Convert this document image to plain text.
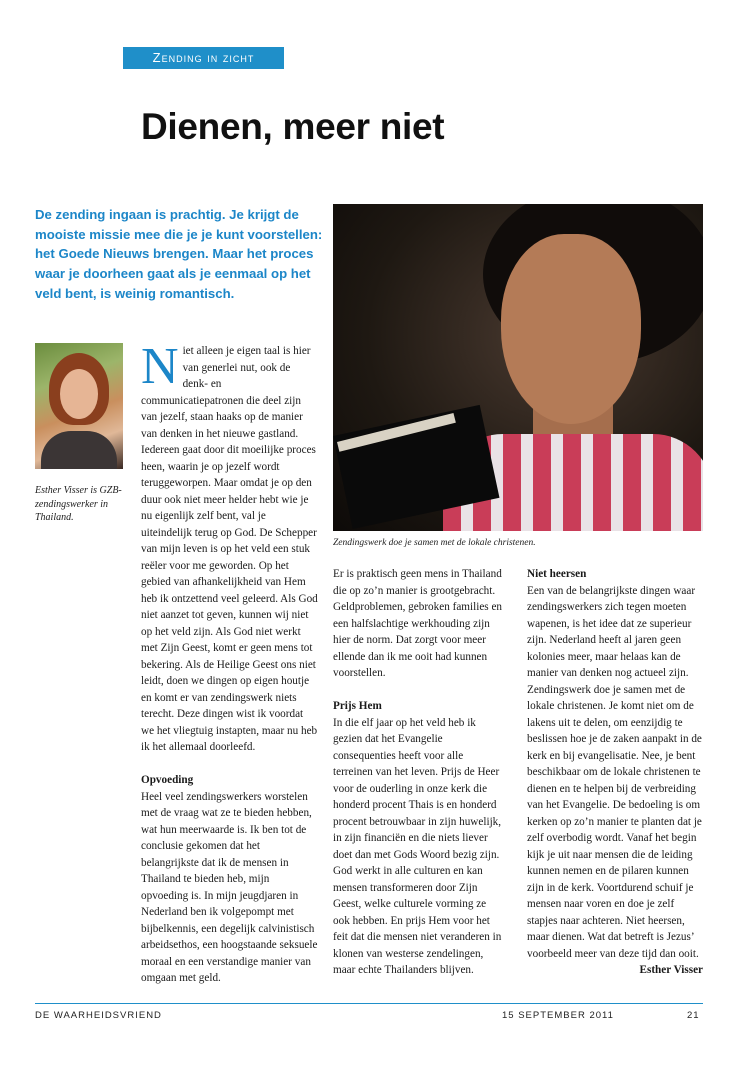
Zending in zicht
Dienen, meer niet
De zending ingaan is prachtig. Je krijgt de mooiste missie mee die je je kunt voorstellen: het Goede Nieuws brengen. Maar het proces waar je doorheen gaat als je eenmaal op het veld bent, is weinig romantisch.
Esther Visser is GZB-zendingswerker in Thailand.
Zendingswerk doe je samen met de lokale christenen.

Niet alleen je eigen taal is hier van generlei nut, ook de denk- en communicatiepatronen die deel zijn van jezelf, staan haaks op de manier van denken in het nieuwe gastland. Iedereen gaat door dit moeilijke proces heen, waarin je op jezelf wordt teruggeworpen. Maar omdat je op den duur ook niet meer helder hebt wie je nu eigenlijk zelf bent, val je uiteindelijk terug op God. De Schepper van mijn leven is op het veld een stuk reëler voor me geworden. Op het gebied van afhankelijkheid van Hem heb ik ontzettend veel geleerd. Als God niet aanzet tot geven, kunnen wij niet op het veld zijn. Als God niet werkt met Zijn Geest, komt er geen mens tot bekering. Als de Heilige Geest ons niet leidt, doen we dingen op eigen houtje en komt er van zendingswerk niets terecht. Deze dingen wist ik voordat we het vliegtuig instapten, maar nu heb ik het allemaal doorleefd.

Opvoeding

Heel veel zendingswerkers worstelen met de vraag wat ze te bieden hebben, wat hun meerwaarde is. Ik ben tot de conclusie gekomen dat het belangrijkste dat ik de mensen in Thailand te bieden heb, mijn opvoeding is. In mijn jeugdjaren in Nederland ben ik volgepompt met bijbelkennis, een degelijk calvinistisch arbeidsethos, een hoogstaande seksuele moraal en een verstandige manier van omgaan met geld.

Er is praktisch geen mens in Thailand die op zo’n manier is grootgebracht. Geldproblemen, gebroken families en een halfslachtige werkhouding zijn hier de norm. Dat zorgt voor meer ellende dan ik me ooit had kunnen voorstellen.

Prijs Hem

In die elf jaar op het veld heb ik gezien dat het Evangelie consequenties heeft voor alle terreinen van het leven. Prijs de Heer voor de ouderling in onze kerk die honderd procent Thais is en honderd procent betrouwbaar in zijn huwelijk, in zijn financiën en die niets liever doet dan met Gods Woord bezig zijn. God werkt in alle culturen en kan mensen transformeren door Zijn Geest, welke culturele vorming ze ook hebben. En prijs Hem voor het feit dat die mensen niet veranderen in klonen van westerse zendelingen, maar echte Thailanders blijven.

Niet heersen

Een van de belangrijkste dingen waar zendingswerkers zich tegen moeten wapenen, is het idee dat ze superieur zijn. Nederland heeft al jaren geen kolonies meer, maar helaas kan de manier van denken nog actueel zijn.

Zendingswerk doe je samen met de lokale christenen. Je komt niet om de lakens uit te delen, om eenzijdig te beslissen hoe je de zaken aanpakt in de kerk en bij evangelisatie. Nee, je bent beschikbaar om de lokale christenen te dienen en te helpen bij de verbreiding van het Evangelie. De bedoeling is om kerken op zo’n manier te planten dat je zelf overbodig wordt. Vanaf het begin kijk je uit naar mensen die de leiding kunnen nemen en de pilaren kunnen zijn in de kerk. Voortdurend schuif je mensen naar voren en doe je zelf stapjes naar achteren. Niet heersen, maar dienen. Wat dat betreft is Jezus’ voorbeeld meer van deze tijd dan ooit.

Esther Visser

DE WAARHEIDSVRIEND	15 SEPTEMBER 2011	21
